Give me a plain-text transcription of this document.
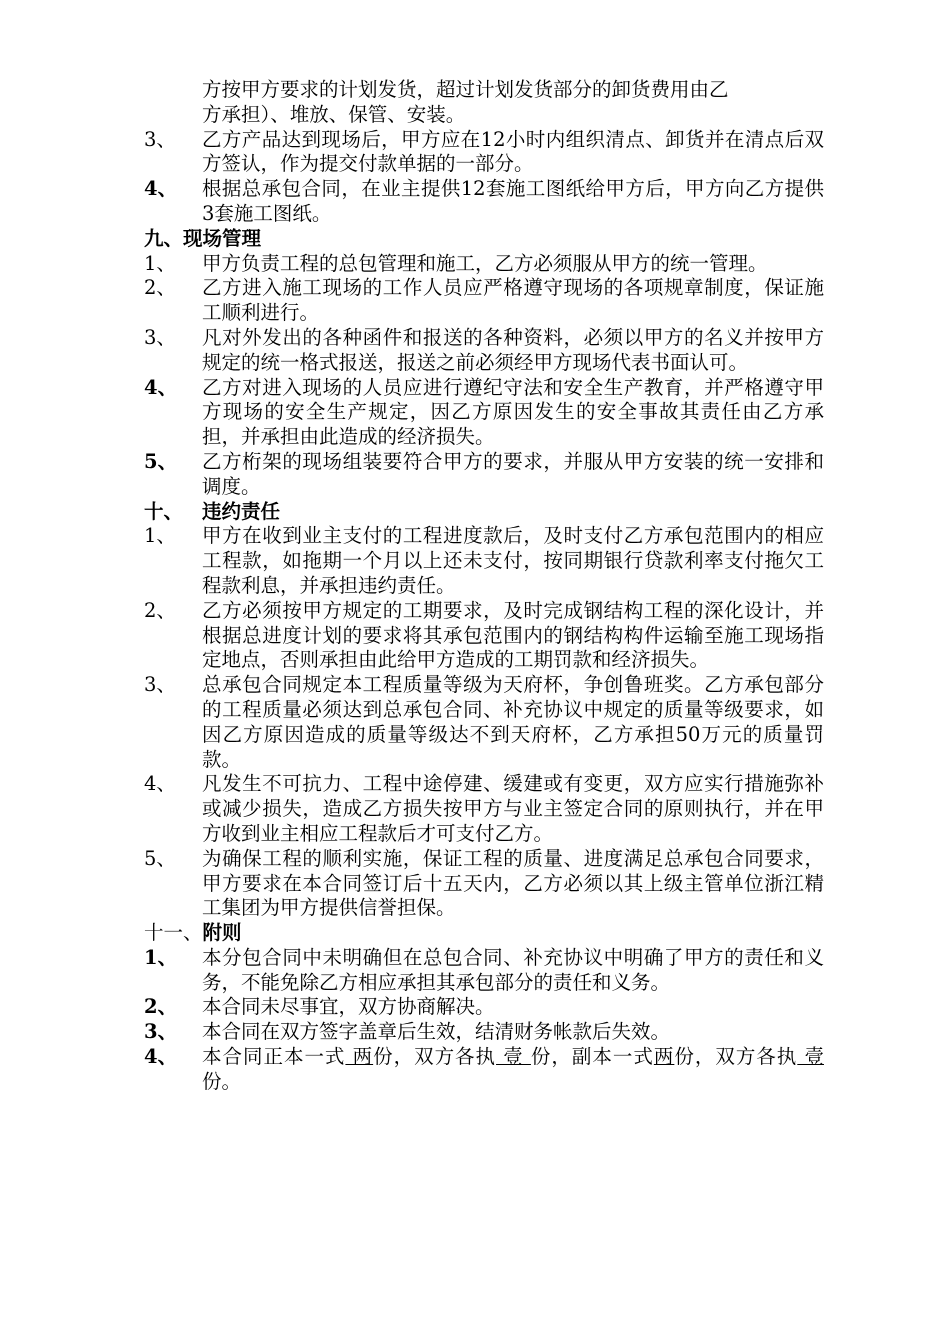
方按甲方要求的计划发货，超过计划发货部分的卸货费用由乙
方承担）、堆放、保管、安装。
3、	乙方产品达到现场后，甲方应在12小时内组织清点、卸货并在清点后双方签认，作为提交付款单据的一部分。
4、	根据总承包合同，在业主提供12套施工图纸给甲方后，甲方向乙方提供3套施工图纸。
九、现场管理
1、	甲方负责工程的总包管理和施工，乙方必须服从甲方的统一管理。
2、	乙方进入施工现场的工作人员应严格遵守现场的各项规章制度，保证施工顺利进行。
3、	凡对外发出的各种函件和报送的各种资料，必须以甲方的名义并按甲方规定的统一格式报送，报送之前必须经甲方现场代表书面认可。
4、	乙方对进入现场的人员应进行遵纪守法和安全生产教育，并严格遵守甲方现场的安全生产规定，因乙方原因发生的安全事故其责任由乙方承担，并承担由此造成的经济损失。
5、	乙方桁架的现场组装要符合甲方的要求，并服从甲方安装的统一安排和调度。
十、 违约责任
1、	甲方在收到业主支付的工程进度款后，及时支付乙方承包范围内的相应工程款，如拖期一个月以上还未支付，按同期银行贷款利率支付拖欠工程款利息，并承担违约责任。
2、	乙方必须按甲方规定的工期要求，及时完成钢结构工程的深化设计，并根据总进度计划的要求将其承包范围内的钢结构构件运输至施工现场指定地点，否则承担由此给甲方造成的工期罚款和经济损失。
3、	总承包合同规定本工程质量等级为天府杯，争创鲁班奖。乙方承包部分的工程质量必须达到总承包合同、补充协议中规定的质量等级要求，如因乙方原因造成的质量等级达不到天府杯，乙方承担50万元的质量罚款。
4、	凡发生不可抗力、工程中途停建、缓建或有变更，双方应实行措施弥补或减少损失，造成乙方损失按甲方与业主签定合同的原则执行，并在甲方收到业主相应工程款后才可支付乙方。
5、	为确保工程的顺利实施，保证工程的质量、进度满足总承包合同要求，甲方要求在本合同签订后十五天内，乙方必须以其上级主管单位浙江精工集团为甲方提供信誉担保。
十一、 附则
1、	本分包合同中未明确但在总包合同、补充协议中明确了甲方的责任和义务，不能免除乙方相应承担其承包部分的责任和义务。
2、	本合同未尽事宜，双方协商解决。
3、	本合同在双方签字盖章后生效，结清财务帐款后失效。
4、	本合同正本一式 两份，双方各执 壹 份，副本一式两份，双方各执 壹份。
